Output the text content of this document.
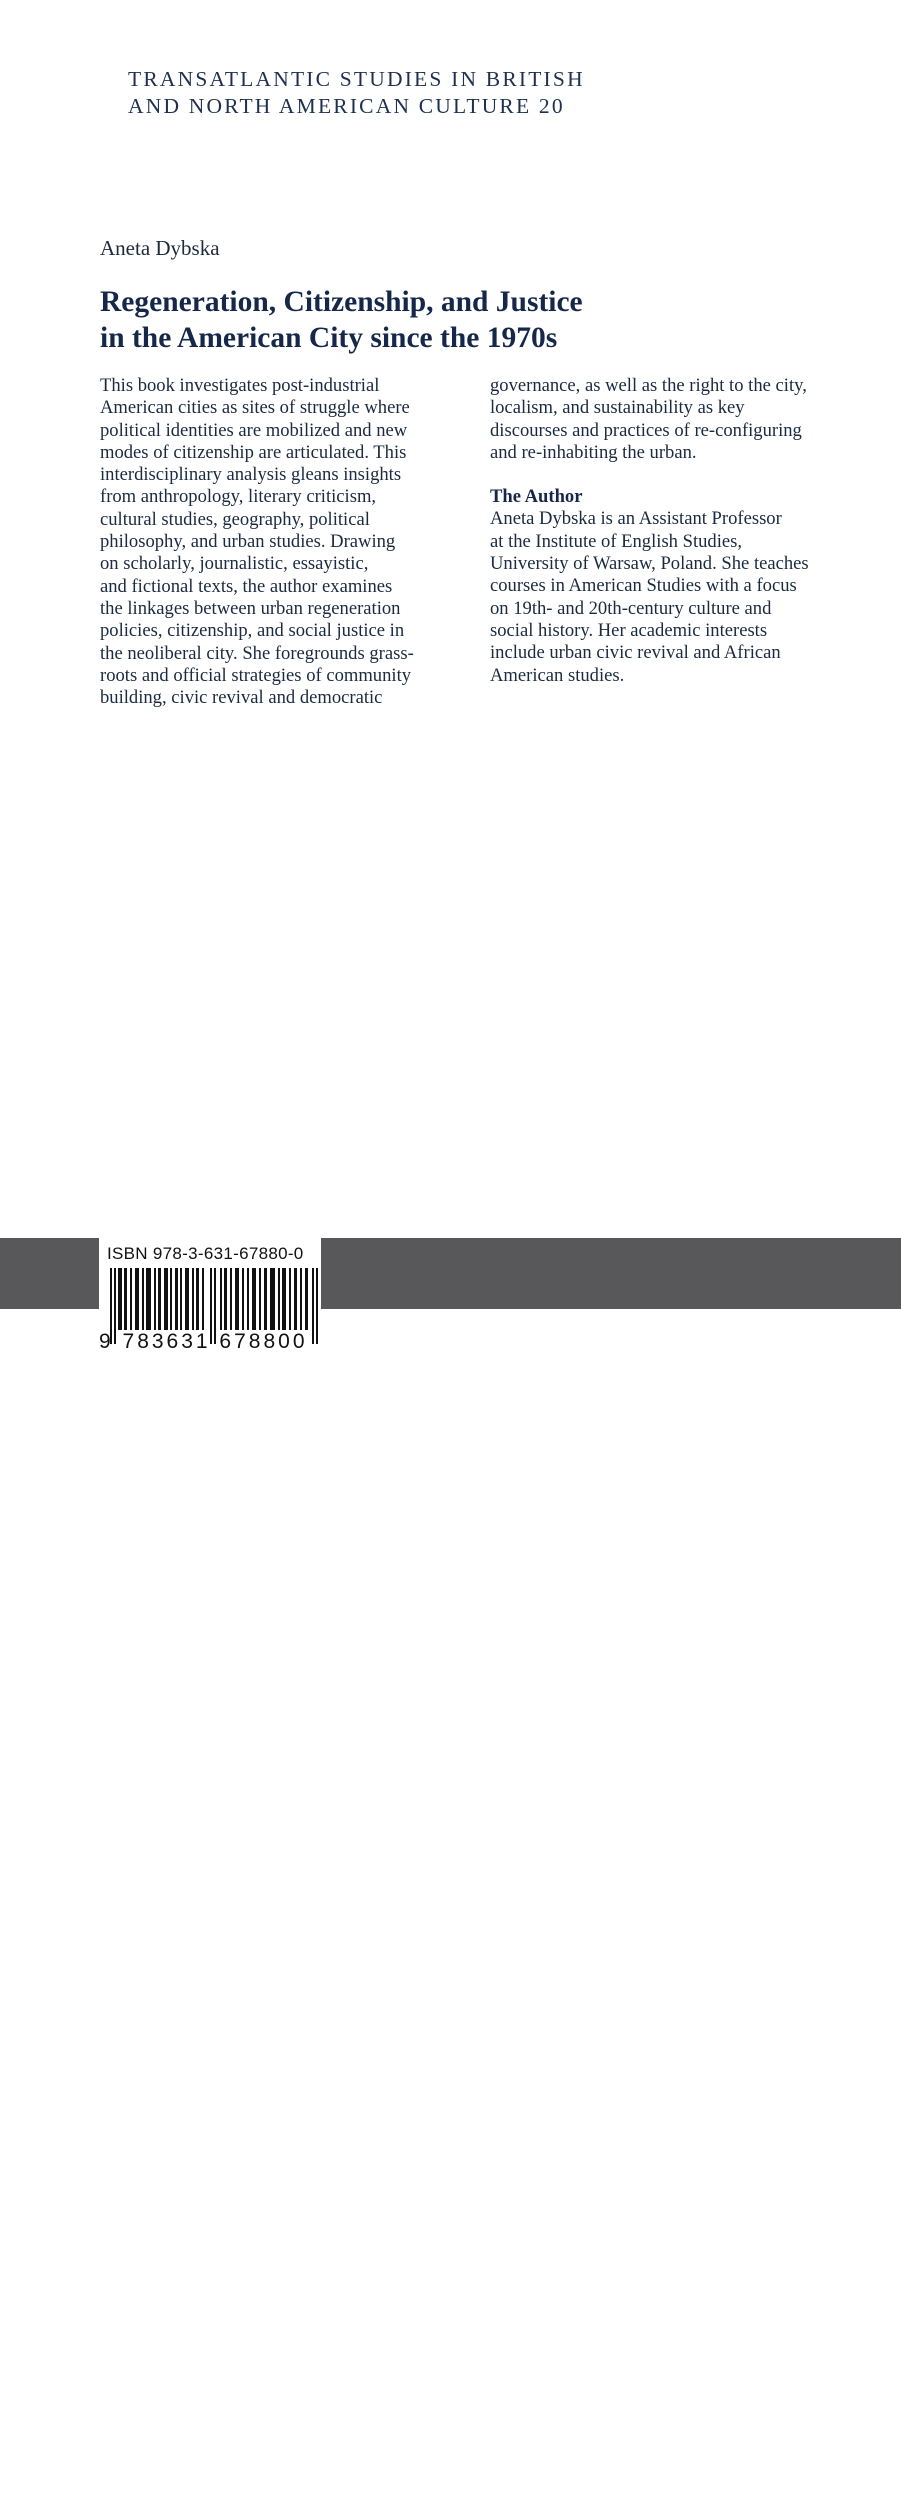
TRANSATLANTIC STUDIES IN BRITISH
AND NORTH AMERICAN CULTURE 20
Aneta Dybska
Regeneration, Citizenship, and Justice
in the American City since the 1970s
This book investigates post-industrial
American cities as sites of struggle where
political identities are mobilized and new
modes of citizenship are articulated. This
interdisciplinary analysis gleans insights
from anthropology, literary criticism,
cultural studies, geography, political
philosophy, and urban studies. Drawing
on scholarly, journalistic, essayistic,
and fictional texts, the author examines
the linkages between urban regeneration
policies, citizenship, and social justice in
the neoliberal city. She foregrounds grass-
roots and official strategies of community
building, civic revival and democratic
governance, as well as the right to the city,
localism, and sustainability as key
discourses and practices of re-configuring
and re-inhabiting the urban.
The Author
Aneta Dybska is an Assistant Professor
at the Institute of English Studies,
University of Warsaw, Poland. She teaches
courses in American Studies with a focus
on 19th- and 20th-century culture and
social history. Her academic interests
include urban civic revival and African
American studies.
www.peterlang.com
ISBN 978-3-631-67880-0
9 783631 678800
